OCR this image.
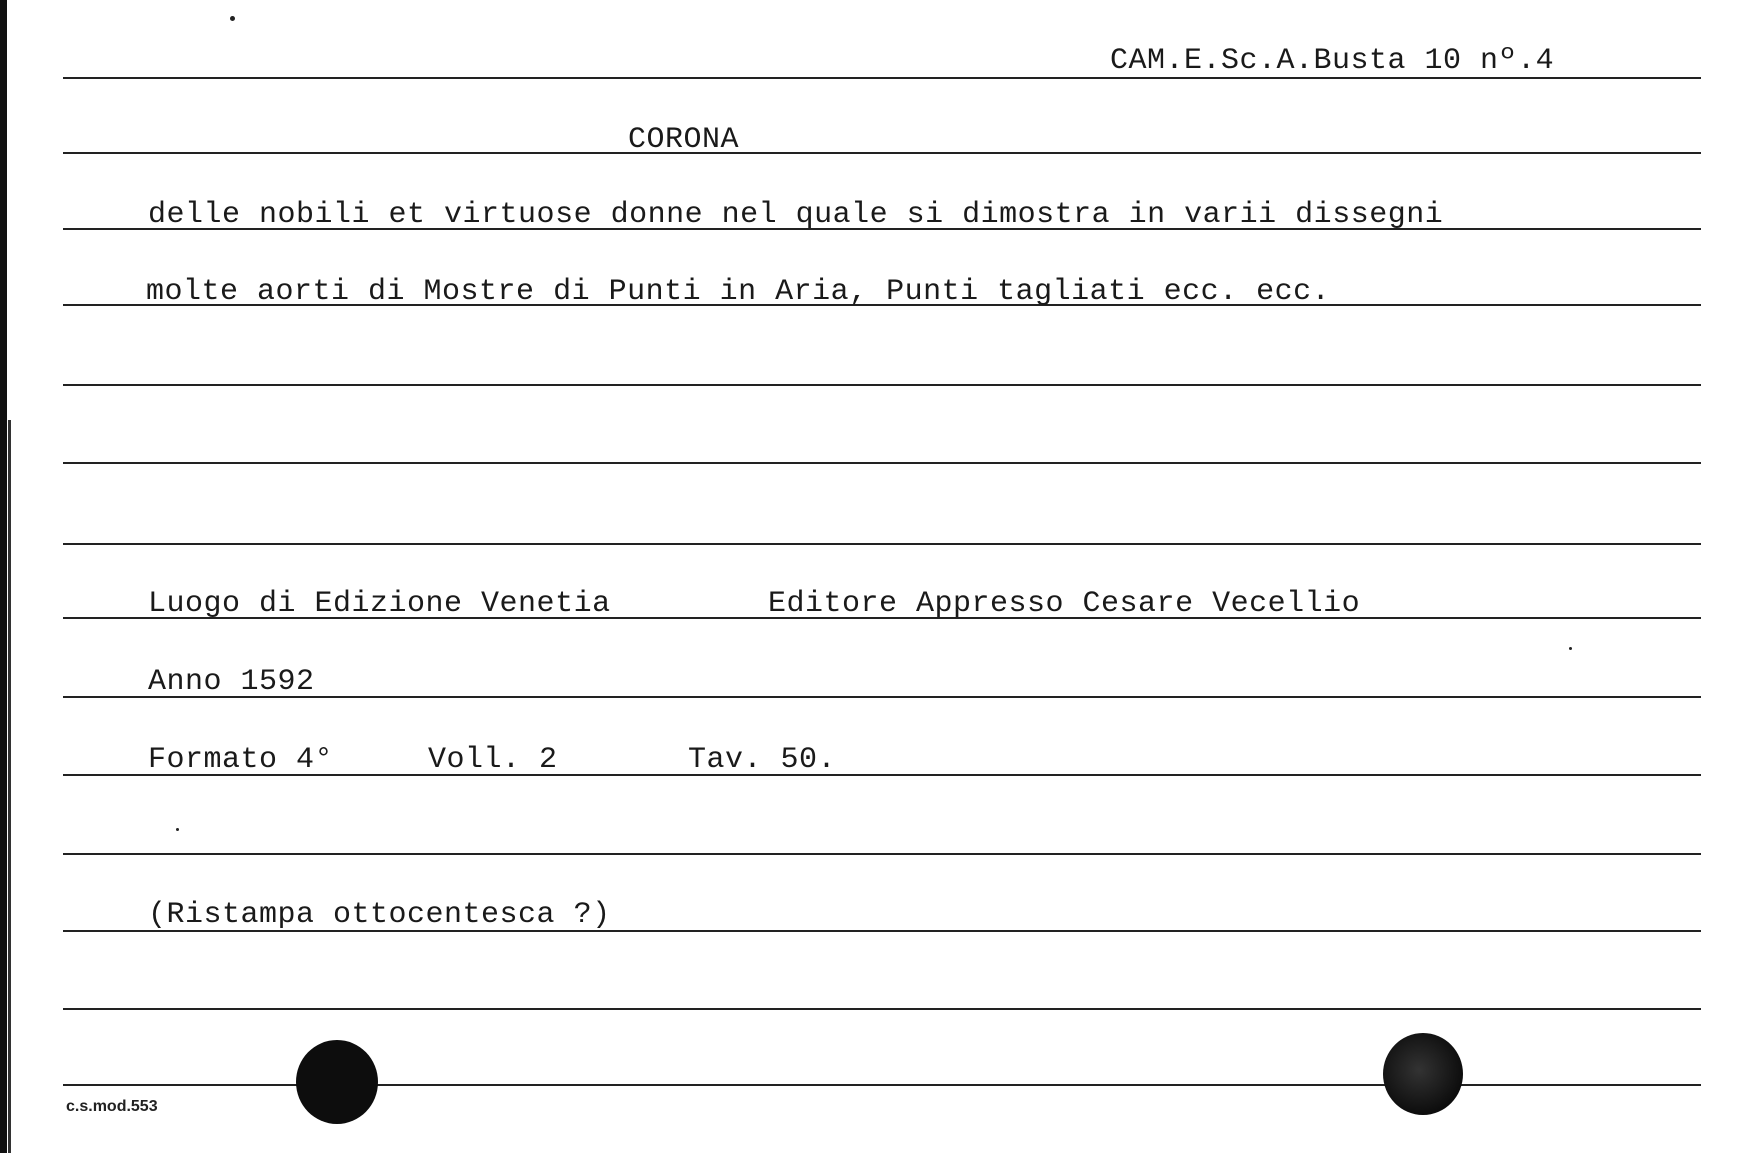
CAM.E.Sc.A.Busta 10 nº.4
CORONA
delle nobili et virtuose donne nel quale si dimostra in varii dissegni
molte aorti di Mostre di Punti in Aria, Punti tagliati ecc. ecc.
Luogo di Edizione Venetia	Editore Appresso Cesare Vecellio
Anno 1592
Formato 4°	Voll. 2	Tav. 50.
(Ristampa ottocentesca ?)
c.s.mod.553
